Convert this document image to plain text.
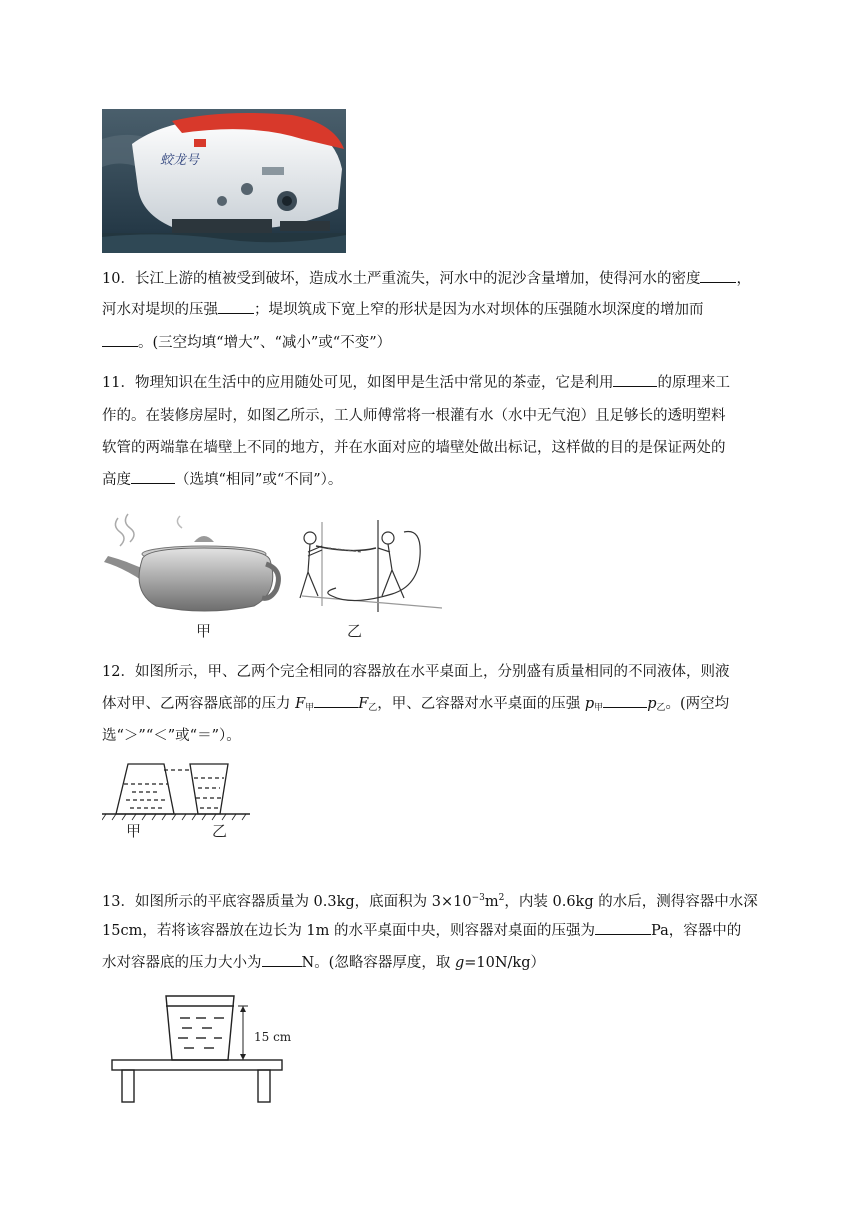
蛟龙号
10．长江上游的植被受到破坏，造成水土严重流失，河水中的泥沙含量增加，使得河水的密度 ，
河水对堤坝的压强 ；堤坝筑成下宽上窄的形状是因为水对坝体的压强随水坝深度的增加而
。(三空均填“增大”、“减小”或“不变”）
11．物理知识在生活中的应用随处可见，如图甲是生活中常见的茶壶，它是利用	的原理来工
作的。在装修房屋时，如图乙所示，工人师傅常将一根灌有水（水中无气泡）且足够长的透明塑料
软管的两端靠在墙壁上不同的地方，并在水面对应的墙壁处做出标记，这样做的目的是保证两处的
高度	（选填“相同”或“不同”）。
甲	乙
12．如图所示，甲、乙两个完全相同的容器放在水平桌面上，分别盛有质量相同的不同液体，则液
体对甲、乙两容器底部的压力 $F_甲$	$F_乙$，甲、乙容器对水平桌面的压强 $p_甲$	$p_乙$。(两空均
选“＞”“＜”或“＝”）。
甲	乙
13．如图所示的平底容器质量为 0.3kg，底面积为 $3\times 10^{-3}m^2$，内装 0.6kg 的水后，测得容器中水深
15cm，若将该容器放在边长为 1m 的水平桌面中央，则容器对桌面的压强为	Pa，容器中的
水对容器底的压力大小为	N。(忽略容器厚度，取 g=10N/kg）
15 cm
